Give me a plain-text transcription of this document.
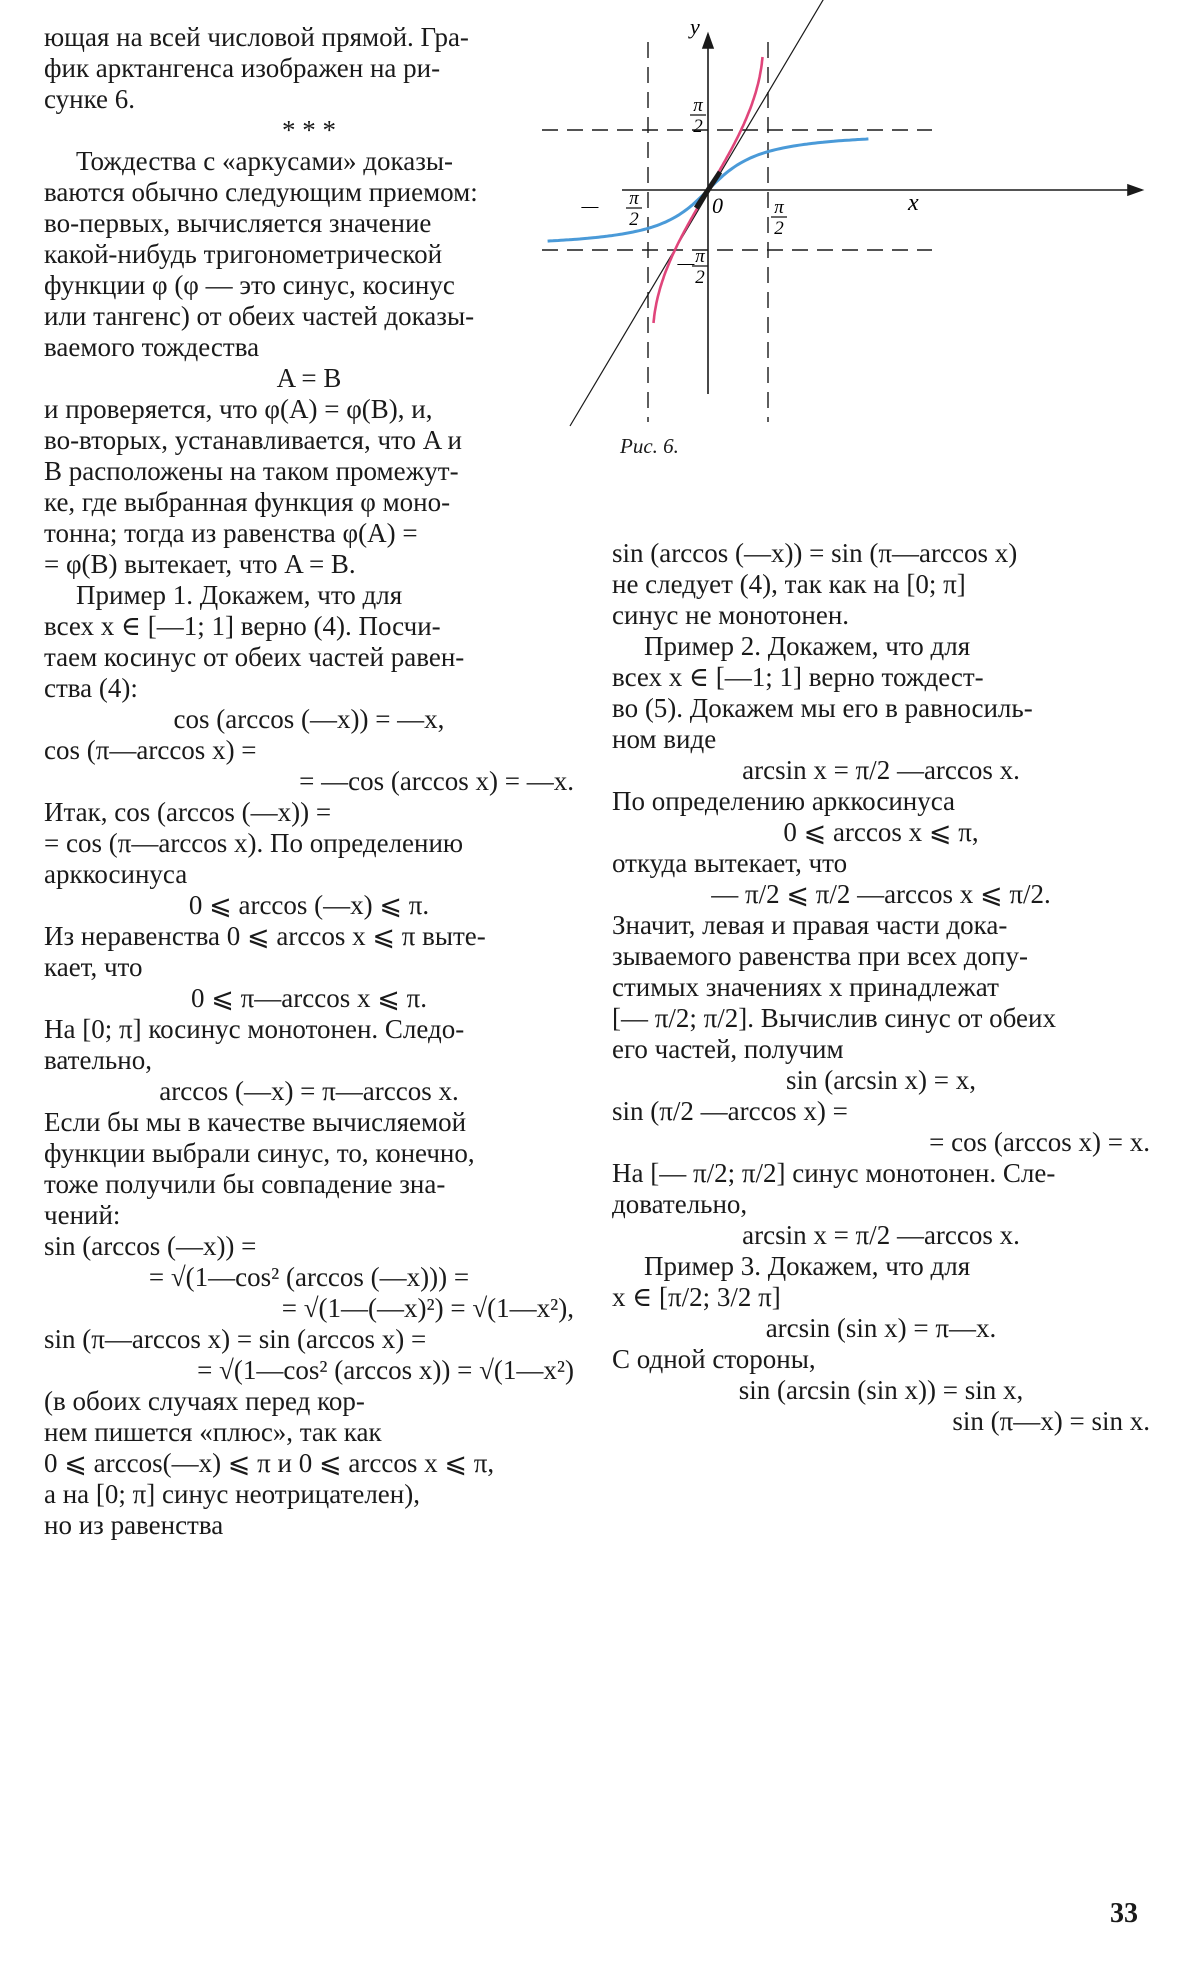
ющая на всей числовой прямой. Гра-
фик арктангенса изображен на ри-
сунке 6.
* * *
Тождества с «аркусами» доказы-
ваются обычно следующим приемом:
во-первых, вычисляется значение
какой-нибудь тригонометрической
функции φ (φ — это синус, косинус
или тангенс) от обеих частей доказы-
ваемого тождества
A = B
и проверяется, что φ(A) = φ(B), и,
во-вторых, устанавливается, что A и
B расположены на таком промежут-
ке, где выбранная функция φ моно-
тонна; тогда из равенства φ(A) =
= φ(B) вытекает, что A = B.
Пример 1. Докажем, что для
всех x ∈ [—1; 1] верно (4). Посчи-
таем косинус от обеих частей равен-
ства (4):
cos (arccos (—x)) = —x,
cos (π—arccos x) =
= —cos (arccos x) = —x.
Итак, cos (arccos (—x)) =
= cos (π—arccos x). По определению
арккосинуса
0 ⩽ arccos (—x) ⩽ π.
Из неравенства 0 ⩽ arccos x ⩽ π выте-
кает, что
0 ⩽ π—arccos x ⩽ π.
На [0; π] косинус монотонен. Следо-
вательно,
arccos (—x) = π—arccos x.
Если бы мы в качестве вычисляемой
функции выбрали синус, то, конечно,
тоже получили бы совпадение зна-
чений:
sin (arccos (—x)) =
= √(1—cos² (arccos (—x))) =
= √(1—(—x)²) = √(1—x²),
sin (π—arccos x) = sin (arccos x) =
= √(1—cos² (arccos x)) = √(1—x²)
(в обоих случаях перед кор-
нем пишется «плюс», так как
0 ⩽ arccos(—x) ⩽ π и 0 ⩽ arccos x ⩽ π,
а на [0; π] синус неотрицателен),
но из равенства
sin (arccos (—x)) = sin (π—arccos x)
не следует (4), так как на [0; π]
синус не монотонен.
Пример 2. Докажем, что для
всех x ∈ [—1; 1] верно тождест-
во (5). Докажем мы его в равносиль-
ном виде
arcsin x = π/2 —arccos x.
По определению арккосинуса
0 ⩽ arccos x ⩽ π,
откуда вытекает, что
— π/2 ⩽ π/2 —arccos x ⩽ π/2.
Значит, левая и правая части дока-
зываемого равенства при всех допу-
стимых значениях x принадлежат
[— π/2; π/2]. Вычислив синус от обеих
его частей, получим
sin (arcsin x) = x,
sin (π/2 —arccos x) =
= cos (arccos x) = x.
На [— π/2; π/2] синус монотонен. Сле-
довательно,
arcsin x = π/2 —arccos x.
Пример 3. Докажем, что для
x ∈ [π/2; 3/2 π]
arcsin (sin x) = π—x.
С одной стороны,
sin (arcsin (sin x)) = sin x,
sin (π—x) = sin x.
y
x
0
π
2
— π
2
π
2
— π
2
Рис. 6.
33
